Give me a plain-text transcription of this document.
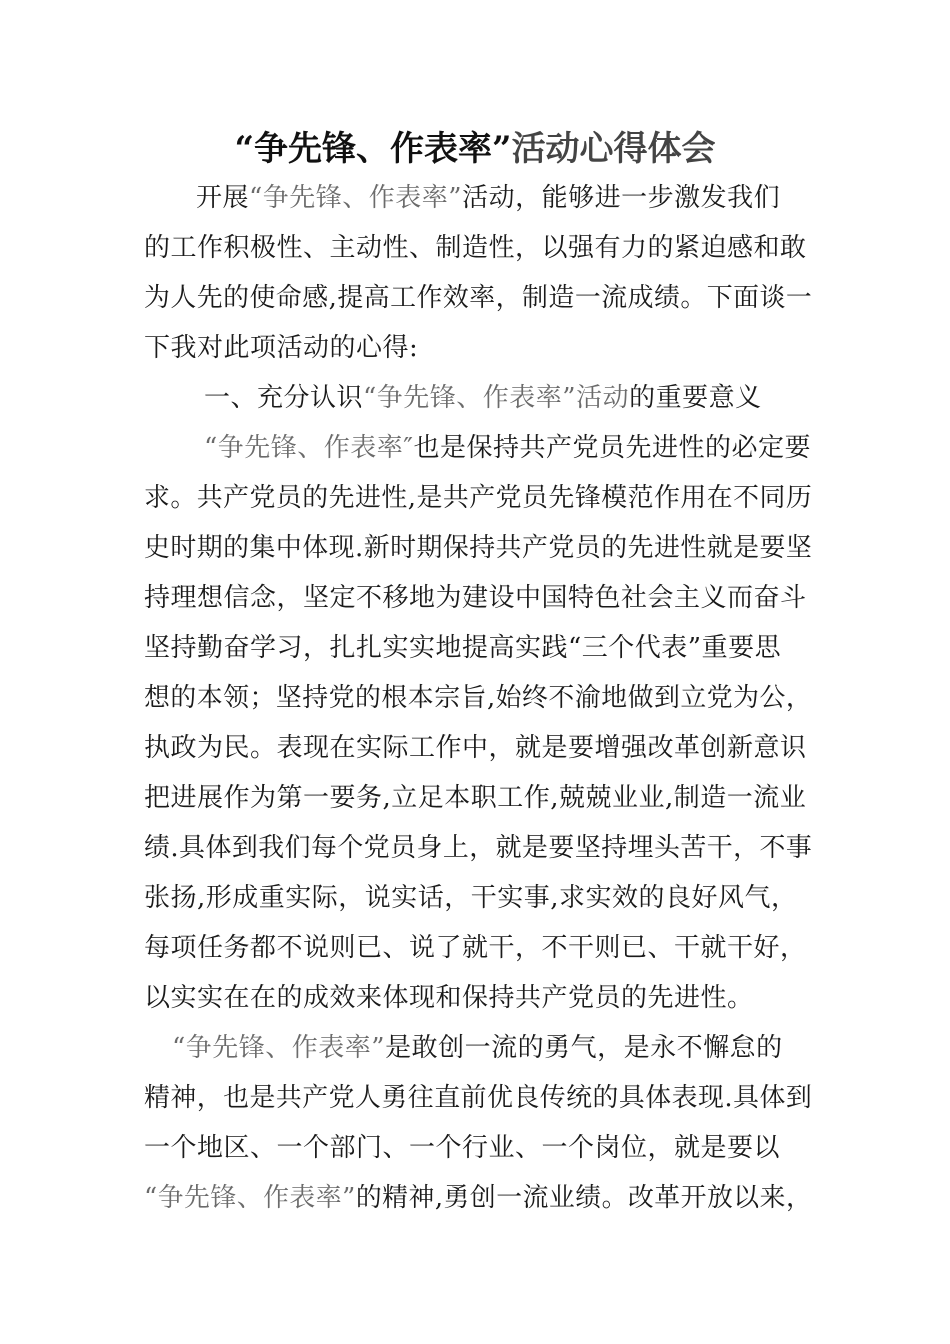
“争先锋、作表率”活动心得体会
开展“争先锋、作表率”活动，能够进一步激发我们
的工作积极性、主动性、制造性，以强有力的紧迫感和敢
为人先的使命感,提高工作效率，制造一流成绩。下面谈一
下我对此项活动的心得:
一、充分认识“争先锋、作表率”活动的重要意义
“争先锋、作表率″也是保持共产党员先进性的必定要
求。共产党员的先进性,是共产党员先锋模范作用在不同历
史时期的集中体现.新时期保持共产党员的先进性就是要坚
持理想信念，坚定不移地为建设中国特色社会主义而奋斗
坚持勤奋学习，扎扎实实地提高实践“三个代表”重要思
想的本领；坚持党的根本宗旨,始终不渝地做到立党为公，
执政为民。表现在实际工作中，就是要增强改革创新意识
把进展作为第一要务,立足本职工作,兢兢业业,制造一流业
绩.具体到我们每个党员身上，就是要坚持埋头苦干，不事
张扬,形成重实际，说实话，干实事,求实效的良好风气，
每项任务都不说则已、说了就干，不干则已、干就干好，
以实实在在的成效来体现和保持共产党员的先进性。
“争先锋、作表率”是敢创一流的勇气，是永不懈怠的
精神，也是共产党人勇往直前优良传统的具体表现.具体到
一个地区、一个部门、一个行业、一个岗位，就是要以
“争先锋、作表率”的精神,勇创一流业绩。改革开放以来，
